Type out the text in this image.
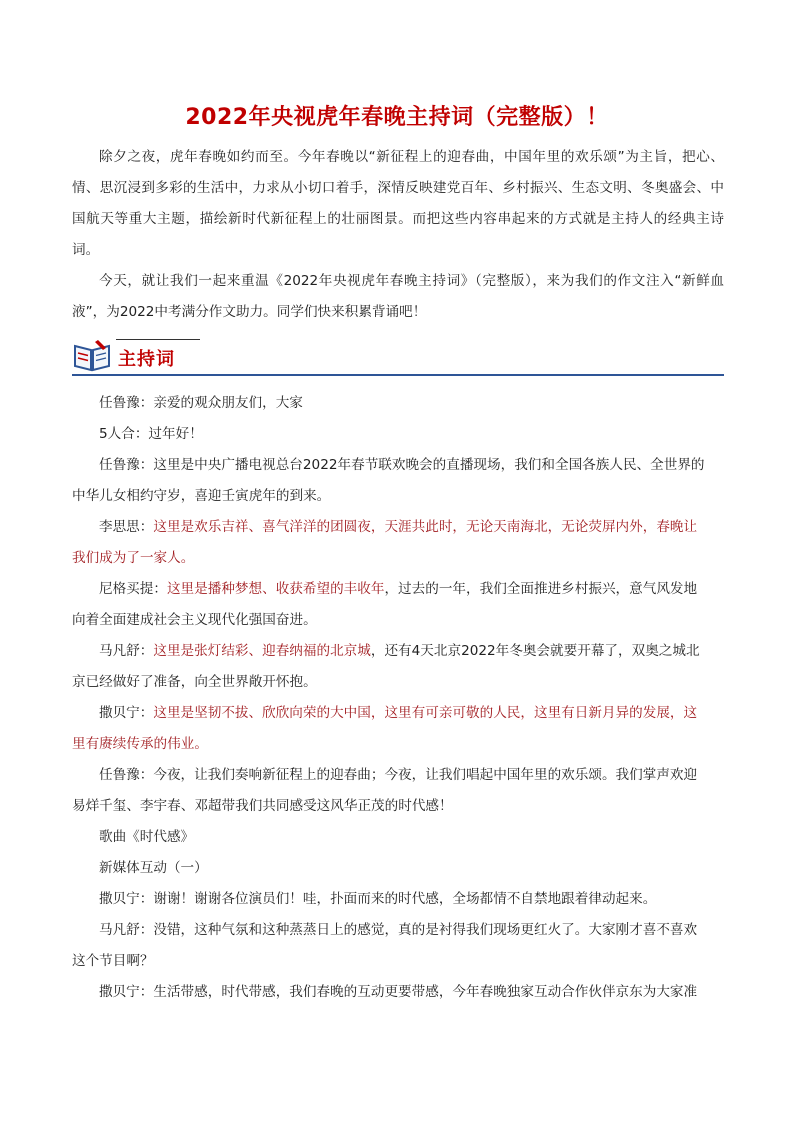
2022年央视虎年春晚主持词（完整版）！

除夕之夜，虎年春晚如约而至。今年春晚以“新征程上的迎春曲，中国年里的欢乐颂”为主旨，把心、情、思沉浸到多彩的生活中，力求从小切口着手，深情反映建党百年、乡村振兴、生态文明、冬奥盛会、中国航天等重大主题，描绘新时代新征程上的壮丽图景。而把这些内容串起来的方式就是主持人的经典主诗词。

今天，就让我们一起来重温《2022年央视虎年春晚主持词》（完整版），来为我们的作文注入“新鲜血液”，为2022中考满分作文助力。同学们快来积累背诵吧！

主持词

任鲁豫：亲爱的观众朋友们，大家

5人合：过年好！

任鲁豫：这里是中央广播电视总台2022年春节联欢晚会的直播现场，我们和全国各族人民、全世界的

中华儿女相约守岁，喜迎壬寅虎年的到来。

李思思：这里是欢乐吉祥、喜气洋洋的团圆夜，天涯共此时，无论天南海北，无论荧屏内外，春晚让

我们成为了一家人。

尼格买提：这里是播种梦想、收获希望的丰收年，过去的一年，我们全面推进乡村振兴，意气风发地

向着全面建成社会主义现代化强国奋进。

马凡舒：这里是张灯结彩、迎春纳福的北京城，还有4天北京2022年冬奥会就要开幕了，双奥之城北

京已经做好了准备，向全世界敞开怀抱。

撒贝宁：这里是坚韧不拔、欣欣向荣的大中国，这里有可亲可敬的人民，这里有日新月异的发展，这

里有赓续传承的伟业。

任鲁豫：今夜，让我们奏响新征程上的迎春曲；今夜，让我们唱起中国年里的欢乐颂。我们掌声欢迎

易烊千玺、李宇春、邓超带我们共同感受这风华正茂的时代感！

歌曲《时代感》

新媒体互动（一）

撒贝宁：谢谢！谢谢各位演员们！哇，扑面而来的时代感，全场都情不自禁地跟着律动起来。

马凡舒：没错，这种气氛和这种蒸蒸日上的感觉，真的是衬得我们现场更红火了。大家刚才喜不喜欢

这个节目啊？

撒贝宁：生活带感，时代带感，我们春晚的互动更要带感，今年春晚独家互动合作伙伴京东为大家准
